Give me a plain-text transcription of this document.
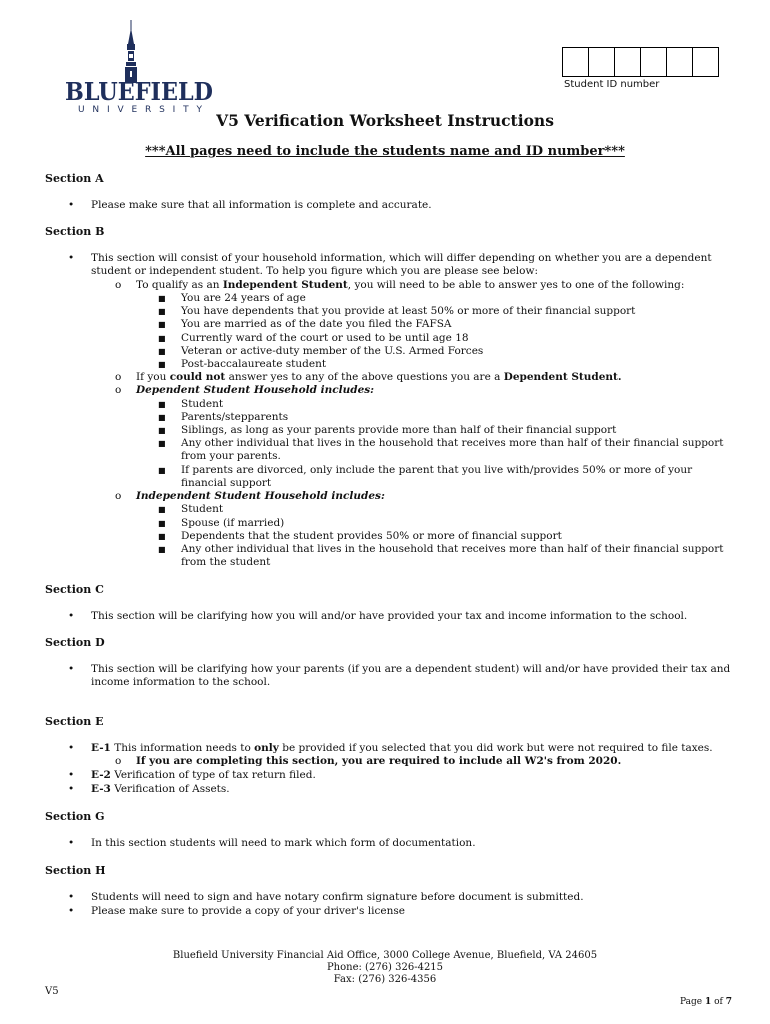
BLUEFIELD
U N I V E R S I T Y
Student ID number
V5 Verification Worksheet Instructions
***All pages need to include the students name and ID number***
Section A
• Please make sure that all information is complete and accurate.
Section B
• This section will consist of your household information, which will differ depending on whether you are a dependent student or independent student. To help you figure which you are please see below:
o To qualify as an Independent Student, you will need to be able to answer yes to one of the following:
■ You are 24 years of age
■ You have dependents that you provide at least 50% or more of their financial support
■ You are married as of the date you filed the FAFSA
■ Currently ward of the court or used to be until age 18
■ Veteran or active-duty member of the U.S. Armed Forces
■ Post-baccalaureate student
o If you could not answer yes to any of the above questions you are a Dependent Student.
o Dependent Student Household includes:
■ Student
■ Parents/stepparents
■ Siblings, as long as your parents provide more than half of their financial support
■ Any other individual that lives in the household that receives more than half of their financial support from your parents.
■ If parents are divorced, only include the parent that you live with/provides 50% or more of your financial support
o Independent Student Household includes:
■ Student
■ Spouse (if married)
■ Dependents that the student provides 50% or more of financial support
■ Any other individual that lives in the household that receives more than half of their financial support from the student
Section C
• This section will be clarifying how you will and/or have provided your tax and income information to the school.
Section D
• This section will be clarifying how your parents (if you are a dependent student) will and/or have provided their tax and income information to the school.
Section E
• E-1 This information needs to only be provided if you selected that you did work but were not required to file taxes.
o If you are completing this section, you are required to include all W2's from 2020.
• E-2 Verification of type of tax return filed.
• E-3 Verification of Assets.
Section G
• In this section students will need to mark which form of documentation.
Section H
• Students will need to sign and have notary confirm signature before document is submitted.
• Please make sure to provide a copy of your driver's license
Bluefield University Financial Aid Office, 3000 College Avenue, Bluefield, VA 24605
Phone: (276) 326-4215
Fax: (276) 326-4356
V5
Page 1 of 7
